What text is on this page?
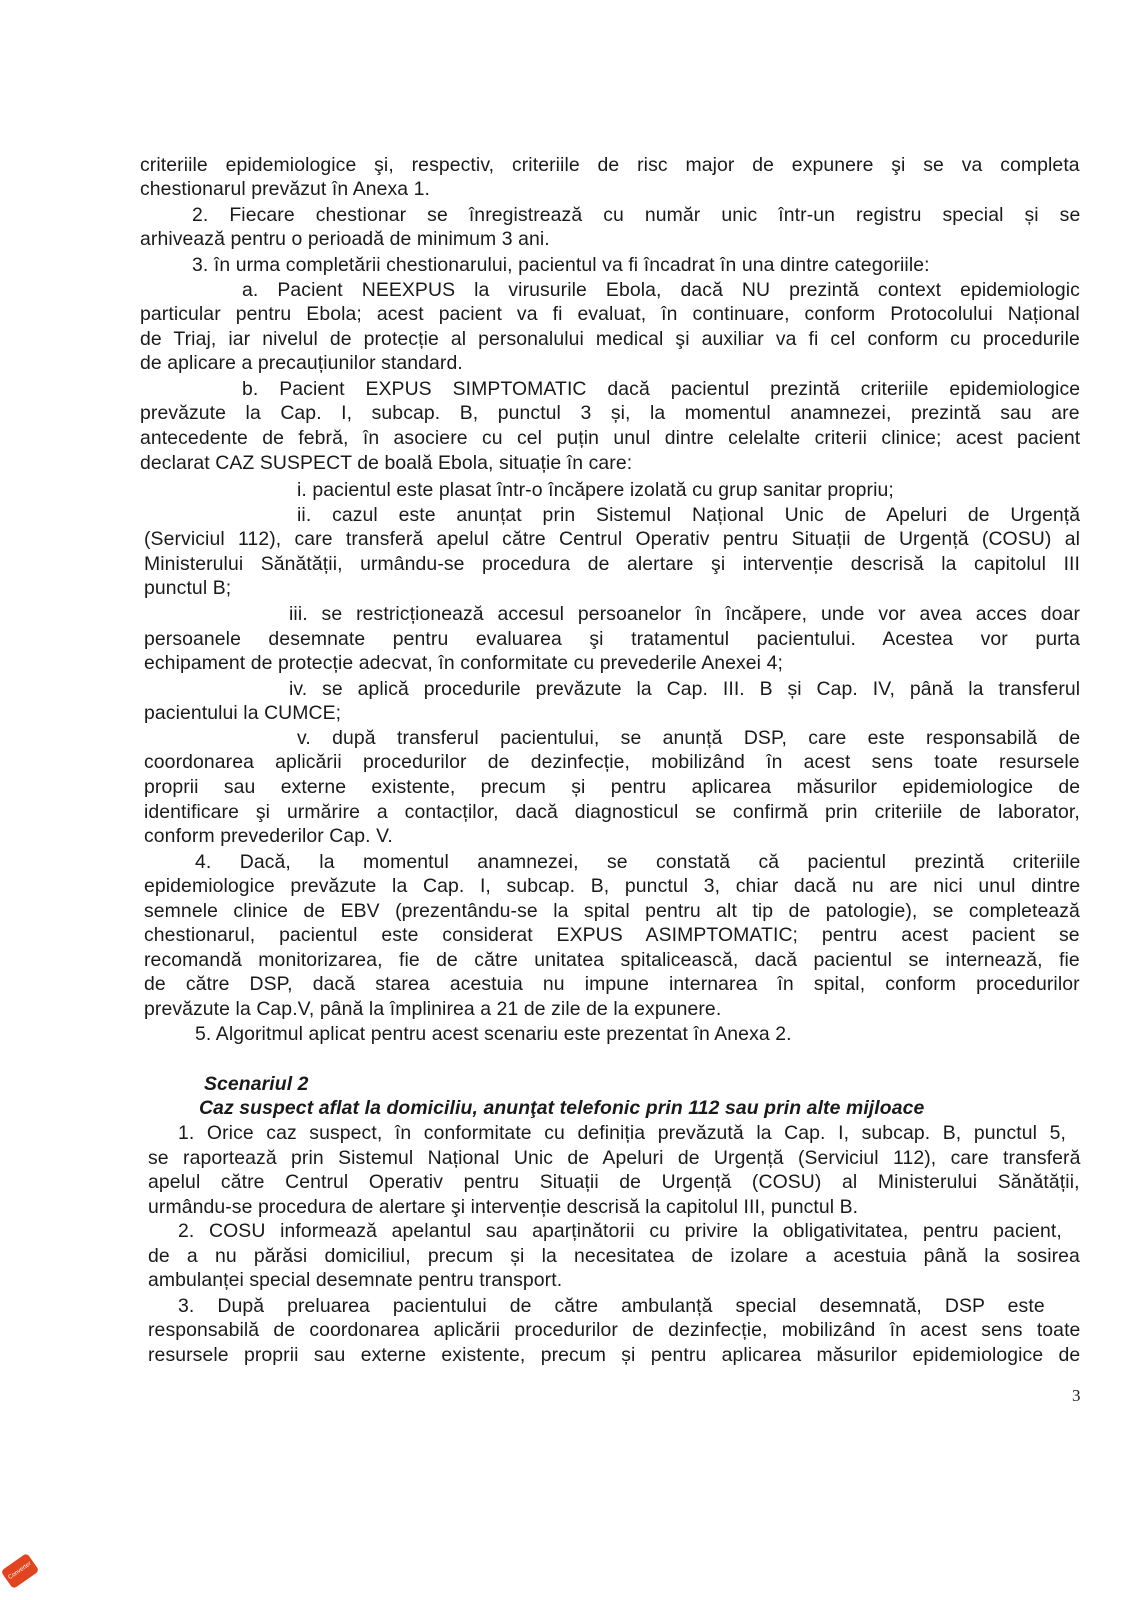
3
Converter
criteriile epidemiologice şi, respectiv, criteriile de risc major de expunere şi se va completa
chestionarul prevăzut în Anexa 1.
2. Fiecare chestionar se înregistrează cu număr unic într-un registru special și se
arhivează pentru o perioadă de minimum 3 ani.
3. în urma completării chestionarului, pacientul va fi încadrat în una dintre categoriile:
a. Pacient NEEXPUS la virusurile Ebola, dacă NU prezintă context epidemiologic
particular pentru Ebola; acest pacient va fi evaluat, în continuare, conform Protocolului Național
de Triaj, iar nivelul de protecție al personalului medical şi auxiliar va fi cel conform cu procedurile
de aplicare a precauțiunilor standard.
b. Pacient EXPUS SIMPTOMATIC dacă pacientul prezintă criteriile epidemiologice
prevăzute la Cap. I, subcap. B, punctul 3 și, la momentul anamnezei, prezintă sau are
antecedente de febră, în asociere cu cel puțin unul dintre celelalte criterii clinice; acest pacient
declarat CAZ SUSPECT de boală Ebola, situație în care:
i. pacientul este plasat într-o încăpere izolată cu grup sanitar propriu;
ii. cazul este anunțat prin Sistemul Național Unic de Apeluri de Urgență
(Serviciul 112), care transferă apelul către Centrul Operativ pentru Situații de Urgență (COSU) al
Ministerului Sănătății, urmându-se procedura de alertare şi intervenție descrisă la capitolul III
punctul B;
iii. se restricționează accesul persoanelor în încăpere, unde vor avea acces doar
persoanele desemnate pentru evaluarea şi tratamentul pacientului. Acestea vor purta
echipament de protecție adecvat, în conformitate cu prevederile Anexei 4;
iv. se aplică procedurile prevăzute la Cap. III. B și Cap. IV, până la transferul
pacientului la CUMCE;
v. după transferul pacientului, se anunță DSP, care este responsabilă de
coordonarea aplicării procedurilor de dezinfecție, mobilizând în acest sens toate resursele
proprii sau externe existente, precum și pentru aplicarea măsurilor epidemiologice de
identificare şi urmărire a contacților, dacă diagnosticul se confirmă prin criteriile de laborator,
conform prevederilor Cap. V.
4. Dacă, la momentul anamnezei, se constată că pacientul prezintă criteriile
epidemiologice prevăzute la Cap. I, subcap. B, punctul 3, chiar dacă nu are nici unul dintre
semnele clinice de EBV (prezentându-se la spital pentru alt tip de patologie), se completează
chestionarul, pacientul este considerat EXPUS ASIMPTOMATIC; pentru acest pacient se
recomandă monitorizarea, fie de către unitatea spitalicească, dacă pacientul se internează, fie
de către DSP, dacă starea acestuia nu impune internarea în spital, conform procedurilor
prevăzute la Cap.V, până la împlinirea a 21 de zile de la expunere.
5. Algoritmul aplicat pentru acest scenariu este prezentat în Anexa 2.
Scenariul 2
Caz suspect aflat la domiciliu, anunţat telefonic prin 112 sau prin alte mijloace
1. Orice caz suspect, în conformitate cu definiția prevăzută la Cap. I, subcap. B, punctul 5,
se raportează prin Sistemul Național Unic de Apeluri de Urgență (Serviciul 112), care transferă
apelul către Centrul Operativ pentru Situații de Urgență (COSU) al Ministerului Sănătății,
urmându-se procedura de alertare şi intervenție descrisă la capitolul III, punctul B.
2. COSU informează apelantul sau aparținătorii cu privire la obligativitatea, pentru pacient,
de a nu părăsi domiciliul, precum și la necesitatea de izolare a acestuia până la sosirea
ambulanței special desemnate pentru transport.
3. După preluarea pacientului de către ambulanță special desemnată, DSP este
responsabilă de coordonarea aplicării procedurilor de dezinfecție, mobilizând în acest sens toate
resursele proprii sau externe existente, precum și pentru aplicarea măsurilor epidemiologice de
